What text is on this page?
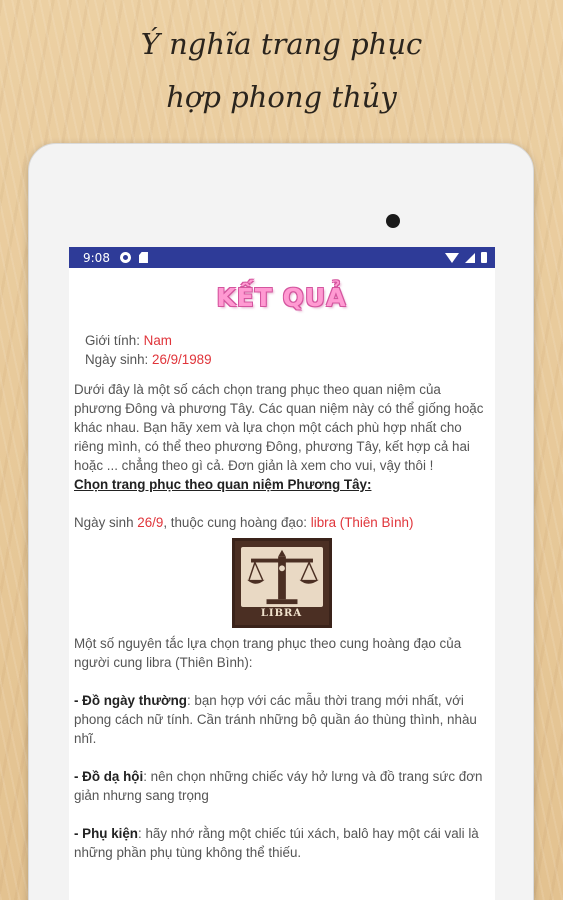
Ý nghĩa trang phục
hợp phong thủy
9:08
KẾT QUẢ
Giới tính: Nam
Ngày sinh: 26/9/1989
Dưới đây là một số cách chọn trang phục theo quan niệm của phương Đông và phương Tây. Các quan niệm này có thể giống hoặc khác nhau. Bạn hãy xem và lựa chọn một cách phù hợp nhất cho riêng mình, có thể theo phương Đông, phương Tây, kết hợp cả hai hoặc ... chẳng theo gì cả. Đơn giản là xem cho vui, vậy thôi !
Chọn trang phục theo quan niệm Phương Tây:
Ngày sinh 26/9, thuộc cung hoàng đạo: libra (Thiên Bình)
LIBRA
Một số nguyên tắc lựa chọn trang phục theo cung hoàng đạo của người cung libra (Thiên Bình):
- Đồ ngày thường: bạn hợp với các mẫu thời trang mới nhất, với phong cách nữ tính. Cần tránh những bộ quần áo thùng thình, nhàu nhĩ.
- Đồ dạ hội: nên chọn những chiếc váy hở lưng và đồ trang sức đơn giản nhưng sang trọng
- Phụ kiện: hãy nhớ rằng một chiếc túi xách, balô hay một cái vali là những phần phụ tùng không thể thiếu.
